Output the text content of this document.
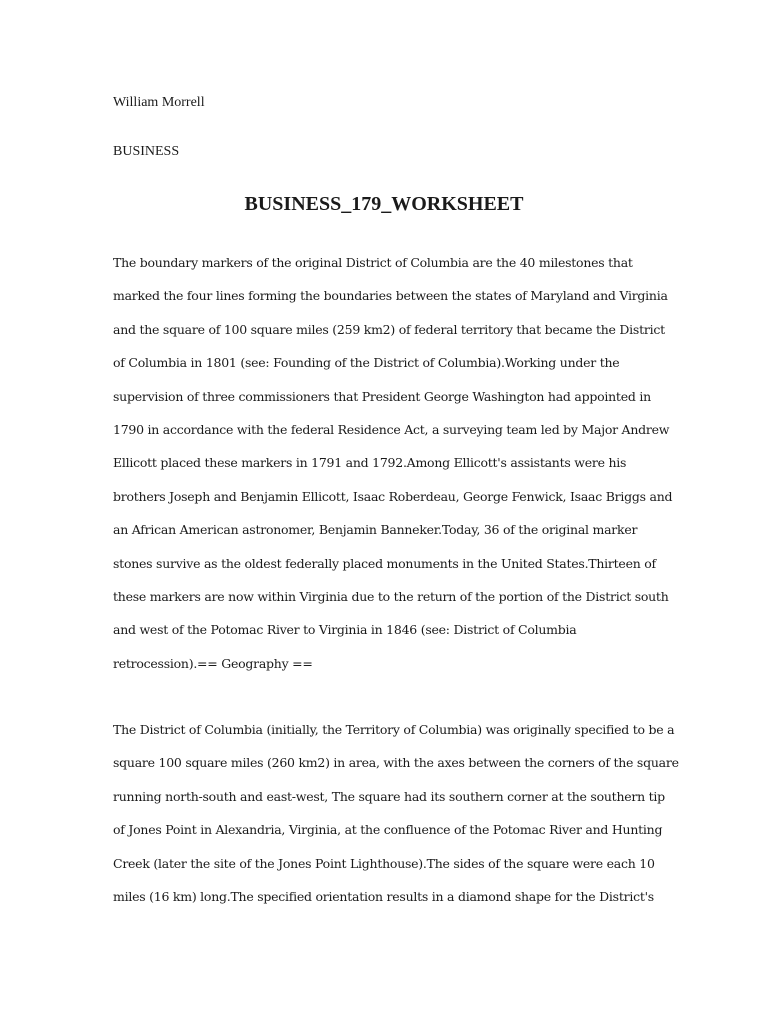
William Morrell
BUSINESS
BUSINESS_179_WORKSHEET
The boundary markers of the original District of Columbia are the 40 milestones that
marked the four lines forming the boundaries between the states of Maryland and Virginia
and the square of 100 square miles (259 km2) of federal territory that became the District
of Columbia in 1801 (see: Founding of the District of Columbia).Working under the
supervision of three commissioners that President George Washington had appointed in
1790 in accordance with the federal Residence Act, a surveying team led by Major Andrew
Ellicott placed these markers in 1791 and 1792.Among Ellicott's assistants were his
brothers Joseph and Benjamin Ellicott, Isaac Roberdeau, George Fenwick, Isaac Briggs and
an African American astronomer, Benjamin Banneker.Today, 36 of the original marker
stones survive as the oldest federally placed monuments in the United States.Thirteen of
these markers are now within Virginia due to the return of the portion of the District south
and west of the Potomac River to Virginia in 1846 (see: District of Columbia
retrocession).== Geography ==
The District of Columbia (initially, the Territory of Columbia) was originally specified to be a
square 100 square miles (260 km2) in area, with the axes between the corners of the square
running north-south and east-west, The square had its southern corner at the southern tip
of Jones Point in Alexandria, Virginia, at the confluence of the Potomac River and Hunting
Creek (later the site of the Jones Point Lighthouse).The sides of the square were each 10
miles (16 km) long.The specified orientation results in a diamond shape for the District's
